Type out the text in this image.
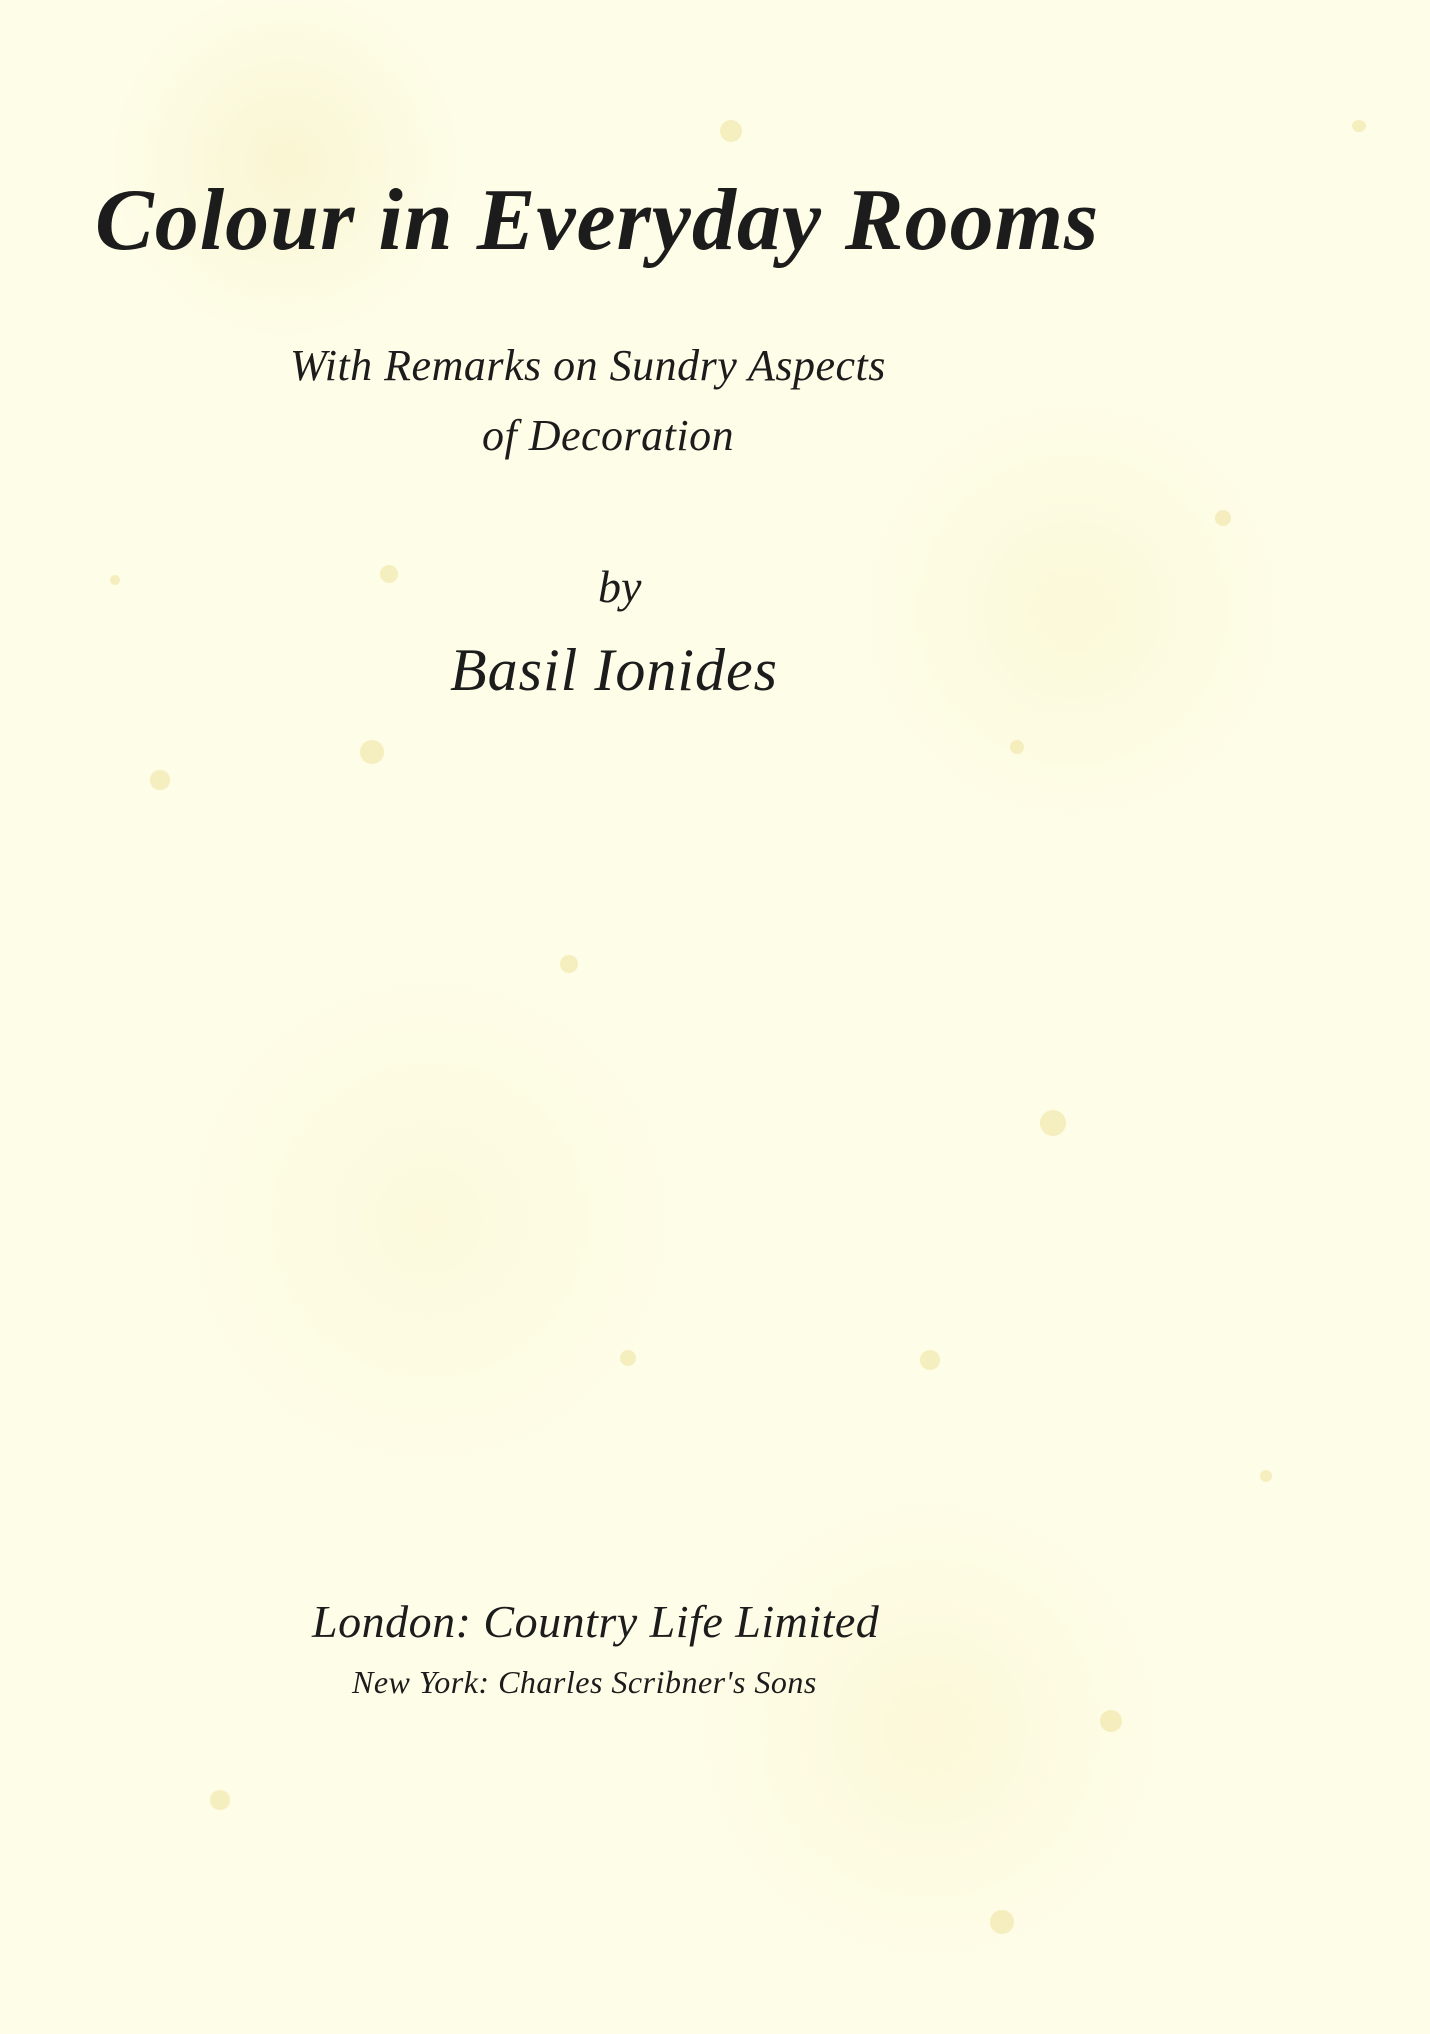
Colour in Everyday Rooms

With Remarks on Sundry Aspects

of Decoration

by

Basil Ionides

London: Country Life Limited

New York: Charles Scribner's Sons
